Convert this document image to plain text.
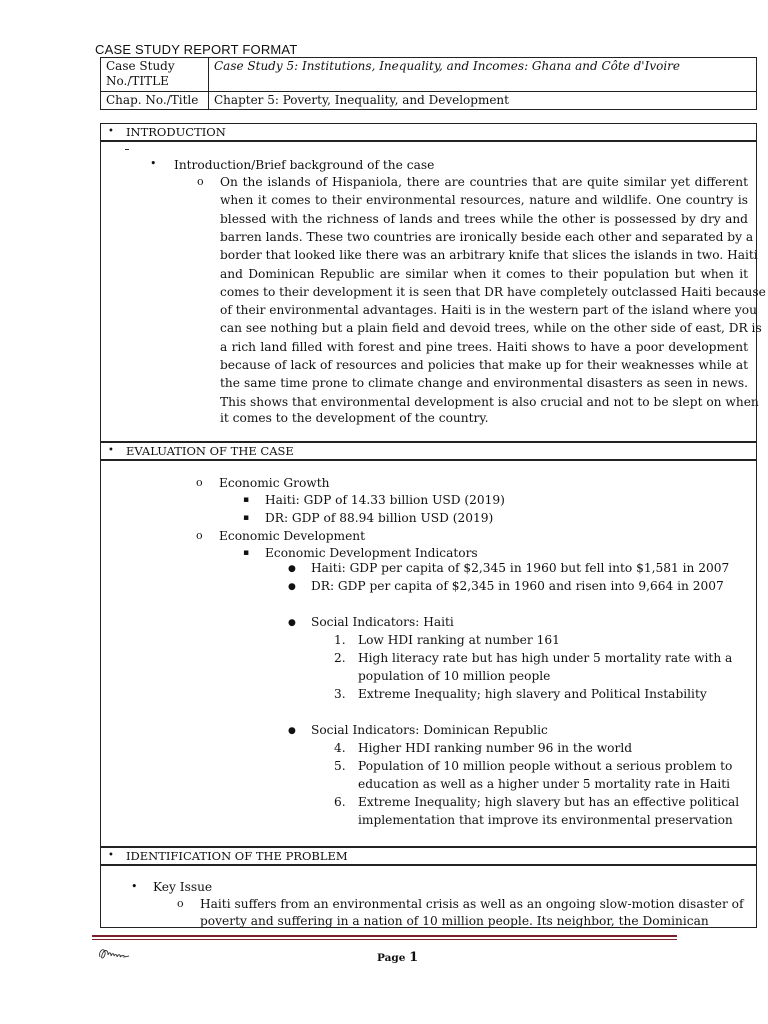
CASE STUDY REPORT FORMAT
Case Study No./TITLE	Case Study 5: Institutions, Inequality, and Incomes: Ghana and Côte d'Ivoire
Chap. No./Title	Chapter 5: Poverty, Inequality, and Development
• INTRODUCTION
• Introduction/Brief background of the case
o On the islands of Hispaniola, there are countries that are quite similar yet different
when it comes to their environmental resources, nature and wildlife. One country is
blessed with the richness of lands and trees while the other is possessed by dry and
barren lands. These two countries are ironically beside each other and separated by a
border that looked like there was an arbitrary knife that slices the islands in two. Haiti
and Dominican Republic are similar when it comes to their population but when it
comes to their development it is seen that DR have completely outclassed Haiti because
of their environmental advantages. Haiti is in the western part of the island where you
can see nothing but a plain field and devoid trees, while on the other side of east, DR is
a rich land filled with forest and pine trees. Haiti shows to have a poor development
because of lack of resources and policies that make up for their weaknesses while at
the same time prone to climate change and environmental disasters as seen in news.
This shows that environmental development is also crucial and not to be slept on when
it comes to the development of the country.
• EVALUATION OF THE CASE
o Economic Growth
▪ Haiti: GDP of 14.33 billion USD (2019)
▪ DR: GDP of 88.94 billion USD (2019)
o Economic Development
▪ Economic Development Indicators
● Haiti: GDP per capita of $2,345 in 1960 but fell into $1,581 in 2007
● DR: GDP per capita of $2,345 in 1960 and risen into 9,664 in 2007
● Social Indicators: Haiti
1. Low HDI ranking at number 161
2. High literacy rate but has high under 5 mortality rate with a
population of 10 million people
3. Extreme Inequality; high slavery and Political Instability
● Social Indicators: Dominican Republic
4. Higher HDI ranking number 96 in the world
5. Population of 10 million people without a serious problem to
education as well as a higher under 5 mortality rate in Haiti
6. Extreme Inequality; high slavery but has an effective political
implementation that improve its environmental preservation
• IDENTIFICATION OF THE PROBLEM
• Key Issue
o Haiti suffers from an environmental crisis as well as an ongoing slow-motion disaster of
poverty and suffering in a nation of 10 million people. Its neighbor, the Dominican
Page 1
